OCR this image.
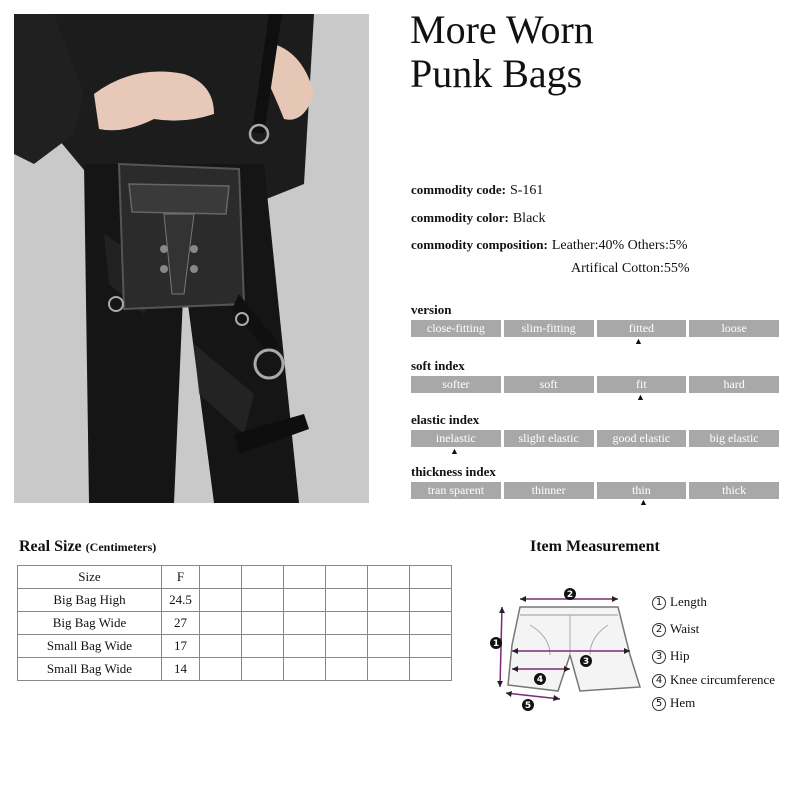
More Worn
Punk Bags
commodity code: S-161
commodity color: Black
commodity composition: Leather:40% Others:5%
Artifical Cotton:55%
version
close-fitting	slim-fitting	fitted	loose
▲
soft index
softer	soft	fit	hard
▲
elastic index
inelastic	slight elastic	good elastic	big elastic
▲
thickness index
tran sparent	thinner	thin	thick
▲
Real Size (Centimeters)
Size	F						
Big Bag High	24.5						
Big Bag Wide	27						
Small Bag Wide	17						
Small Bag Wide	14						
Item Measurement
2
1
3
4
5
1 Length
2 Waist
3 Hip
4 Knee circumference
5 Hem
